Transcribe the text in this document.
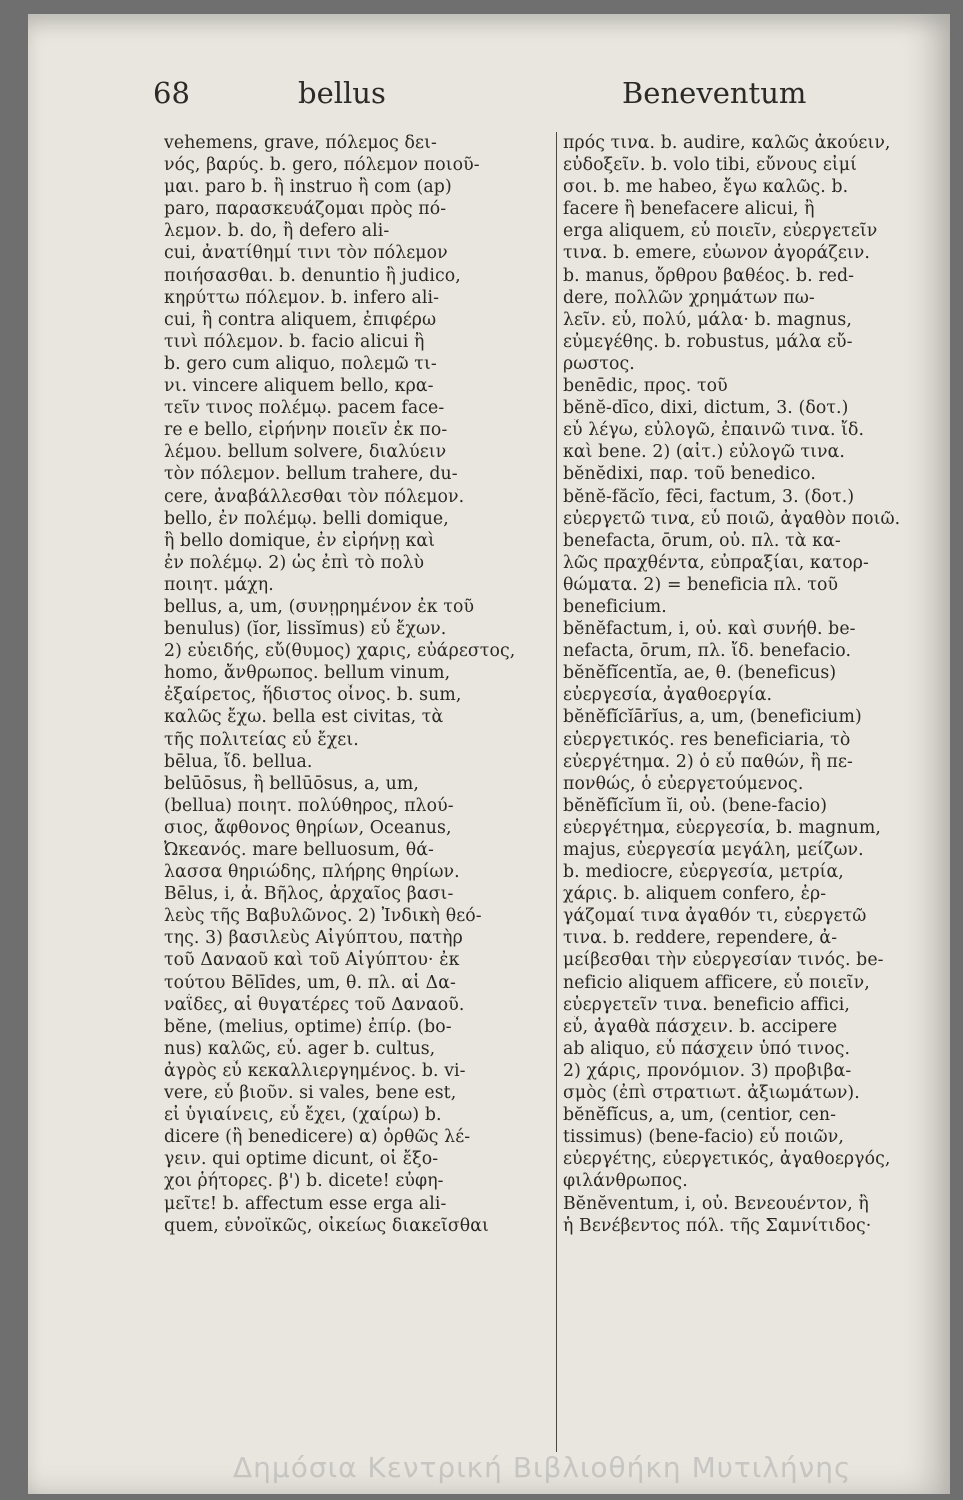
68	bellus	Beneventum
vehemens, grave, πόλεμος δει-
νός, βαρύς. b. gero, πόλεμον ποιοῦ-
μαι. paro b. ἢ instruo ἢ com (ap)
paro, παρασκευάζομαι πρὸς πό-
λεμον. b. do, ἢ defero ali-
cui, ἀνατίθημί τινι τὸν πόλεμον
ποιήσασθαι. b. denuntio ἢ judico,
κηρύττω πόλεμον. b. infero ali-
cui, ἢ contra aliquem, ἐπιφέρω
τινὶ πόλεμον. b. facio alicui ἢ
b. gero cum aliquo, πολεμῶ τι-
νι. vincere aliquem bello, κρα-
τεῖν τινος πολέμῳ. pacem face-
re e bello, εἰρήνην ποιεῖν ἐκ πο-
λέμου. bellum solvere, διαλύειν
τὸν πόλεμον. bellum trahere, du-
cere, ἀναβάλλεσθαι τὸν πόλεμον.
bello, ἐν πολέμῳ. belli domique,
ἢ bello domique, ἐν εἰρήνῃ καὶ
ἐν πολέμῳ. 2) ὡς ἐπὶ τὸ πολὺ
ποιητ. μάχη.
bellus, a, um, (συνῃρημένον ἐκ τοῦ
benulus) (ĭor, lissĭmus) εὖ ἔχων.
2) εὐειδής, εὔ(θυμος) χαρις, εὐάρεστος,
homo, ἄνθρωπος. bellum vinum,
ἐξαίρετος, ἥδιστος οἶνος. b. sum,
καλῶς ἔχω. bella est civitas, τὰ
τῆς πολιτείας εὖ ἔχει.
bēlua, ἴδ. bellua.
belūōsus, ἢ bellūōsus, a, um,
(bellua) ποιητ. πολύθηρος, πλού-
σιος, ἄφθονος θηρίων, Oceanus,
Ὠκεανός. mare belluosum, θά-
λασσα θηριώδης, πλήρης θηρίων.
Bēlus, i, ἀ. Βῆλος, ἀρχαῖος βασι-
λεὺς τῆς Βαβυλῶνος. 2) Ἰνδικὴ θεό-
της. 3) βασιλεὺς Αἰγύπτου, πατὴρ
τοῦ Δαναοῦ καὶ τοῦ Αἰγύπτου· ἐκ
τούτου Bēlīdes, um, θ. πλ. αἱ Δα-
ναΐδες, αἱ θυγατέρες τοῦ Δαναοῦ.
bĕne, (melius, optime) ἐπίρ. (bo-
nus) καλῶς, εὖ. ager b. cultus,
ἀγρὸς εὖ κεκαλλιεργημένος. b. vi-
vere, εὖ βιοῦν. si vales, bene est,
εἰ ὑγιαίνεις, εὖ ἔχει, (χαίρω) b.
dicere (ἢ benedicere) α) ὀρθῶς λέ-
γειν. qui optime dicunt, οἱ ἔξο-
χοι ῥήτορες. β') b. dicete! εὐφη-
μεῖτε! b. affectum esse erga ali-
quem, εὐνοϊκῶς, οἰκείως διακεῖσθαι
πρός τινα. b. audire, καλῶς ἀκούειν,
εὐδοξεῖν. b. volo tibi, εὔνους εἰμί
σοι. b. me habeo, ἔγω καλῶς. b.
facere ἢ benefacere alicui, ἢ
erga aliquem, εὖ ποιεῖν, εὐεργετεῖν
τινα. b. emere, εὐωνον ἀγοράζειν.
b. manus, ὄρθρου βαθέος. b. red-
dere, πολλῶν χρημάτων πω-
λεῖν. εὖ, πολύ, μάλα· b. magnus,
εὐμεγέθης. b. robustus, μάλα εὔ-
ρωστος.
benēdic, προς. τοῦ
bĕnĕ-dīco, dixi, dictum, 3. (δοτ.)
εὖ λέγω, εὐλογῶ, ἐπαινῶ τινα. ἴδ.
καὶ bene. 2) (αἰτ.) εὐλογῶ τινα.
bĕnĕdixi, παρ. τοῦ benedico.
bĕnĕ-făcĭo, fēci, factum, 3. (δοτ.)
εὐεργετῶ τινα, εὖ ποιῶ, ἀγαθὸν ποιῶ.
benefacta, ōrum, οὐ. πλ. τὰ κα-
λῶς πραχθέντα, εὐπραξίαι, κατορ-
θώματα. 2) = beneficia πλ. τοῦ
beneficium.
bĕnĕfactum, i, οὐ. καὶ συνήθ. be-
nefacta, ōrum, πλ. ἴδ. benefacio.
bĕnĕfĭcentĭa, ae, θ. (beneficus)
εὐεργεσία, ἀγαθοεργία.
bĕnĕfĭcĭārĭus, a, um, (beneficium)
εὐεργετικός. res beneficiaria, τὸ
εὐεργέτημα. 2) ὁ εὖ παθών, ἢ πε-
πονθώς, ὁ εὐεργετούμενος.
bĕnĕfĭcĭum ĭi, οὐ. (bene-facio)
εὐεργέτημα, εὐεργεσία, b. magnum,
majus, εὐεργεσία μεγάλη, μείζων.
b. mediocre, εὐεργεσία, μετρία,
χάρις. b. aliquem confero, ἐρ-
γάζομαί τινα ἀγαθόν τι, εὐεργετῶ
τινα. b. reddere, rependere, ἀ-
μείβεσθαι τὴν εὐεργεσίαν τινός. be-
neficio aliquem afficere, εὖ ποιεῖν,
εὐεργετεῖν τινα. beneficio affici,
εὖ, ἀγαθὰ πάσχειν. b. accipere
ab aliquo, εὖ πάσχειν ὑπό τινος.
2) χάρις, προνόμιον. 3) προβιβα-
σμὸς (ἐπὶ στρατιωτ. ἀξιωμάτων).
bĕnĕfĭcus, a, um, (centior, cen-
tissimus) (bene-facio) εὖ ποιῶν,
εὐεργέτης, εὐεργετικός, ἀγαθοεργός,
φιλάνθρωπος.
Bĕnĕventum, i, οὐ. Βενεουέντον, ἢ
ἡ Βενέβεντος πόλ. τῆς Σαμνίτιδος·
Δημόσια Κεντρική Βιβλιοθήκη Μυτιλήνης
